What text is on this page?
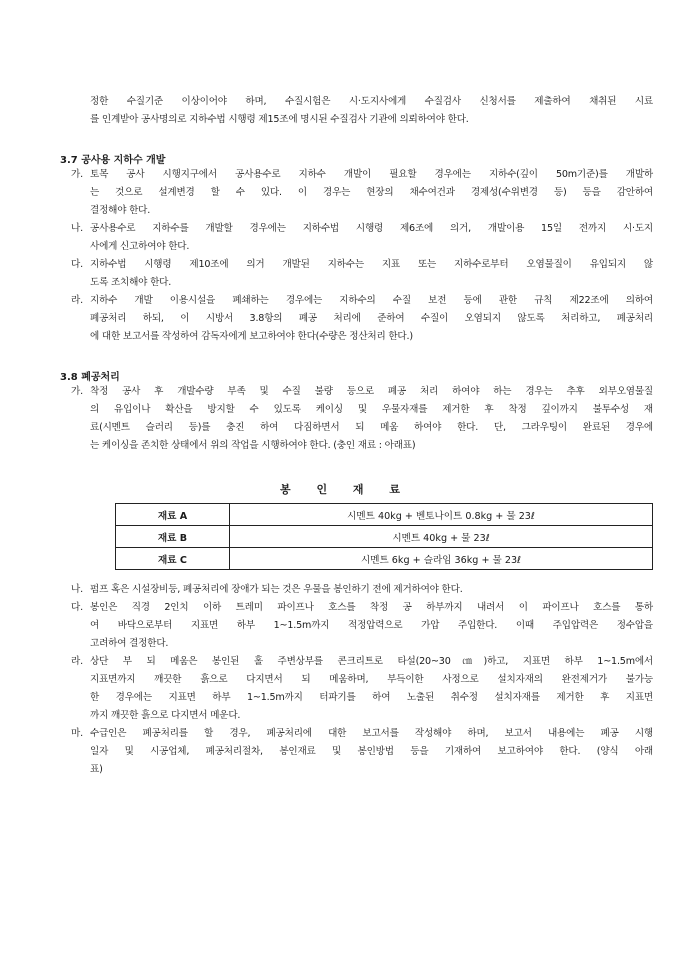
정한 수질기준 이상이어야 하며, 수질시험은 시·도지사에게 수질검사 신청서를 제출하여 채취된 시료
를 인계받아 공사명의로 지하수법 시행령 제15조에 명시된 수질검사 기관에 의뢰하여야 한다.
3.7 공사용 지하수 개발
가. 토목 공사 시행지구에서 공사용수로 지하수 개발이 필요할 경우에는 지하수(깊이 50m기준)를 개발하
는 것으로 설계변경 할 수 있다. 이 경우는 현장의 채수여건과 경제성(수위변경 등) 등을 감안하여
결정해야 한다.
나. 공사용수로 지하수를 개발할 경우에는 지하수법 시행령 제6조에 의거, 개발이용 15일 전까지 시·도지
사에게 신고하여야 한다.
다. 지하수법 시행령 제10조에 의거 개발된 지하수는 지표 또는 지하수로부터 오염물질이 유입되지 않
도록 조치해야 한다.
라. 지하수 개발 이용시설을 폐쇄하는 경우에는 지하수의 수질 보전 등에 관한 규칙 제22조에 의하여
폐공처리 하되, 이 시방서 3.8항의 폐공 처리에 준하여 수질이 오염되지 않도록 처리하고, 폐공처리
에 대한 보고서를 작성하여 감독자에게 보고하여야 한다(수량은 정산처리 한다.)
3.8 폐공처리
가. 착정 공사 후 개발수량 부족 및 수질 불량 등으로 폐공 처리 하여야 하는 경우는 추후 외부오염물질
의 유입이나 확산을 방지할 수 있도록 케이싱 및 우물자재를 제거한 후 착정 깊이까지 불투수성 재
료(시멘트 슬러리 등)를 충진 하여 다짐하면서 되 메움 하여야 한다. 단, 그라우팅이 완료된 경우에
는 케이싱을 존치한 상태에서 위의 작업을 시행하여야 한다. (충인 재료 : 아래표)
봉 인 재 료
재료 A	시멘트 40kg + 벤토나이트 0.8kg + 물 23ℓ
재료 B	시멘트 40kg + 물 23ℓ
재료 C	시멘트 6kg + 슬라임 36kg + 물 23ℓ
나. 펌프 혹은 시설장비등, 폐공처리에 장애가 되는 것은 우물을 봉인하기 전에 제거하여야 한다.
다. 봉인은 직경 2인치 이하 트레미 파이프나 호스를 착정 공 하부까지 내려서 이 파이프나 호스를 통하
여 바닥으로부터 지표면 하부 1~1.5m까지 적정압력으로 가압 주입한다. 이때 주입압력은 정수압을
고려하여 결정한다.
라. 상단 부 되 메움은 봉인된 홀 주변상부를 콘크리트로 타설(20~30㎝)하고, 지표면 하부 1~1.5m에서
지표면까지 깨끗한 흙으로 다지면서 되 메움하며, 부득이한 사정으로 설치자재의 완전제거가 불가능
한 경우에는 지표면 하부 1~1.5m까지 터파기를 하여 노출된 취수정 설치자재를 제거한 후 지표면
까지 깨끗한 흙으로 다지면서 메운다.
마. 수급인은 폐공처리를 할 경우, 폐공처리에 대한 보고서를 작성해야 하며, 보고서 내용에는 폐공 시행
일자 및 시공업체, 폐공처리절차, 봉인재료 및 봉인방법 등을 기재하여 보고하여야 한다. (양식 아래
표)
